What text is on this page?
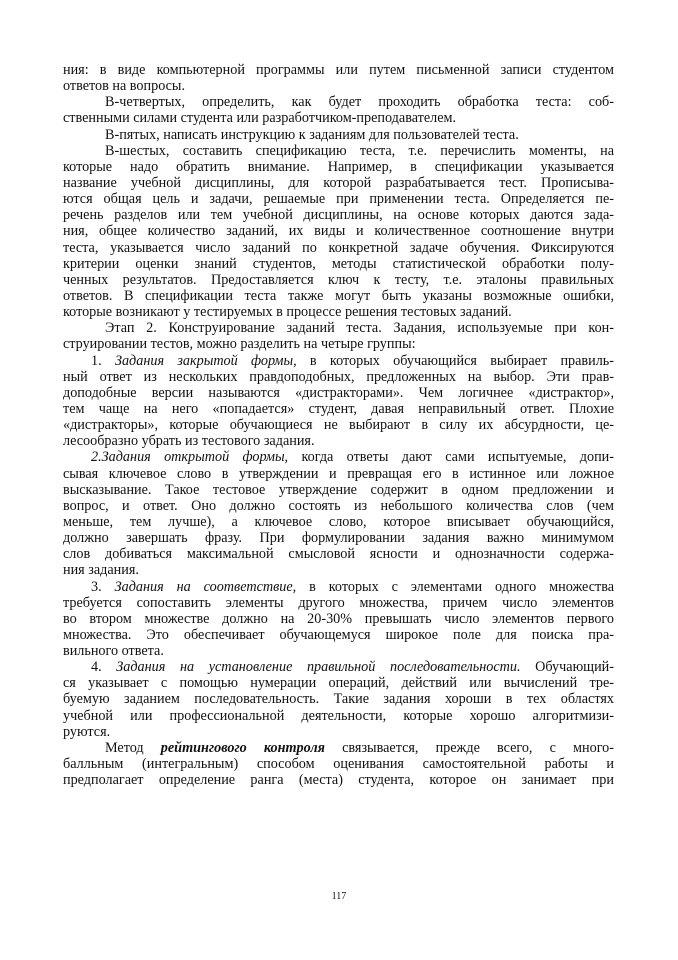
ния: в виде компьютерной программы или путем письменной записи студентом
ответов на вопросы.
В-четвертых, определить, как будет проходить обработка теста: соб-
ственными силами студента или разработчиком-преподавателем.
В-пятых, написать инструкцию к заданиям для пользователей теста.
В-шестых, составить спецификацию теста, т.е. перечислить моменты, на
которые надо обратить внимание. Например, в спецификации указывается
название учебной дисциплины, для которой разрабатывается тест. Прописыва-
ются общая цель и задачи, решаемые при применении теста. Определяется пе-
речень разделов или тем учебной дисциплины, на основе которых даются зада-
ния, общее количество заданий, их виды и количественное соотношение внутри
теста, указывается число заданий по конкретной задаче обучения. Фиксируются
критерии оценки знаний студентов, методы статистической обработки полу-
ченных результатов. Предоставляется ключ к тесту, т.е. эталоны правильных
ответов. В спецификации теста также могут быть указаны возможные ошибки,
которые возникают у тестируемых в процессе решения тестовых заданий.
Этап 2. Конструирование заданий теста. Задания, используемые при кон-
струировании тестов, можно разделить на четыре группы:
1. Задания закрытой формы, в которых обучающийся выбирает правиль-
ный ответ из нескольких правдоподобных, предложенных на выбор. Эти прав-
доподобные версии называются «дистракторами». Чем логичнее «дистрактор»,
тем чаще на него «попадается» студент, давая неправильный ответ. Плохие
«дистракторы», которые обучающиеся не выбирают в силу их абсурдности, це-
лесообразно убрать из тестового задания.
2.Задания открытой формы, когда ответы дают сами испытуемые, допи-
сывая ключевое слово в утверждении и превращая его в истинное или ложное
высказывание. Такое тестовое утверждение содержит в одном предложении и
вопрос, и ответ. Оно должно состоять из небольшого количества слов (чем
меньше, тем лучше), а ключевое слово, которое вписывает обучающийся,
должно завершать фразу. При формулировании задания важно минимумом
слов добиваться максимальной смысловой ясности и однозначности содержа-
ния задания.
3. Задания на соответствие, в которых с элементами одного множества
требуется сопоставить элементы другого множества, причем число элементов
во втором множестве должно на 20-30% превышать число элементов первого
множества. Это обеспечивает обучающемуся широкое поле для поиска пра-
вильного ответа.
4. Задания на установление правильной последовательности. Обучающий-
ся указывает с помощью нумерации операций, действий или вычислений тре-
буемую заданием последовательность. Такие задания хороши в тех областях
учебной или профессиональной деятельности, которые хорошо алгоритмизи-
руются.
Метод рейтингового контроля связывается, прежде всего, с много-
балльным (интегральным) способом оценивания самостоятельной работы и
предполагает определение ранга (места) студента, которое он занимает при
117
